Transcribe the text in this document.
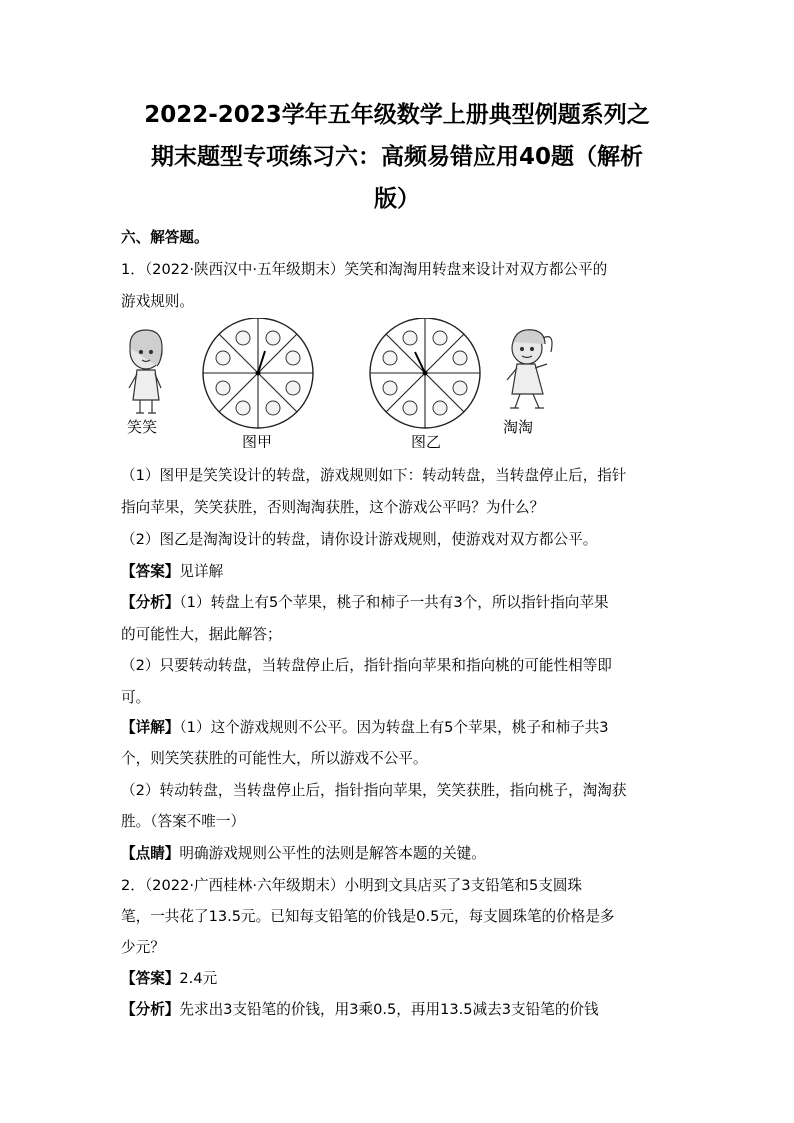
2022-2023学年五年级数学上册典型例题系列之
期末题型专项练习六：高频易错应用40题（解析
版）
六、解答题。
1．（2022·陕西汉中·五年级期末）笑笑和淘淘用转盘来设计对双方都公平的
游戏规则。
笑笑
图甲	图乙
淘淘
（1）图甲是笑笑设计的转盘，游戏规则如下：转动转盘，当转盘停止后，指针
指向苹果，笑笑获胜，否则淘淘获胜，这个游戏公平吗？为什么？
（2）图乙是淘淘设计的转盘，请你设计游戏规则，使游戏对双方都公平。
【答案】见详解
【分析】（1）转盘上有5个苹果，桃子和柿子一共有3个，所以指针指向苹果
的可能性大，据此解答；
（2）只要转动转盘，当转盘停止后，指针指向苹果和指向桃的可能性相等即
可。
【详解】（1）这个游戏规则不公平。因为转盘上有5个苹果，桃子和柿子共3
个，则笑笑获胜的可能性大，所以游戏不公平。
（2）转动转盘，当转盘停止后，指针指向苹果，笑笑获胜，指向桃子，淘淘获
胜。（答案不唯一）
【点睛】明确游戏规则公平性的法则是解答本题的关键。
2．（2022·广西桂林·六年级期末）小明到文具店买了3支铅笔和5支圆珠
笔，一共花了13.5元。已知每支铅笔的价钱是0.5元，每支圆珠笔的价格是多
少元？
【答案】2.4元
【分析】先求出3支铅笔的价钱，用3乘0.5，再用13.5减去3支铅笔的价钱
